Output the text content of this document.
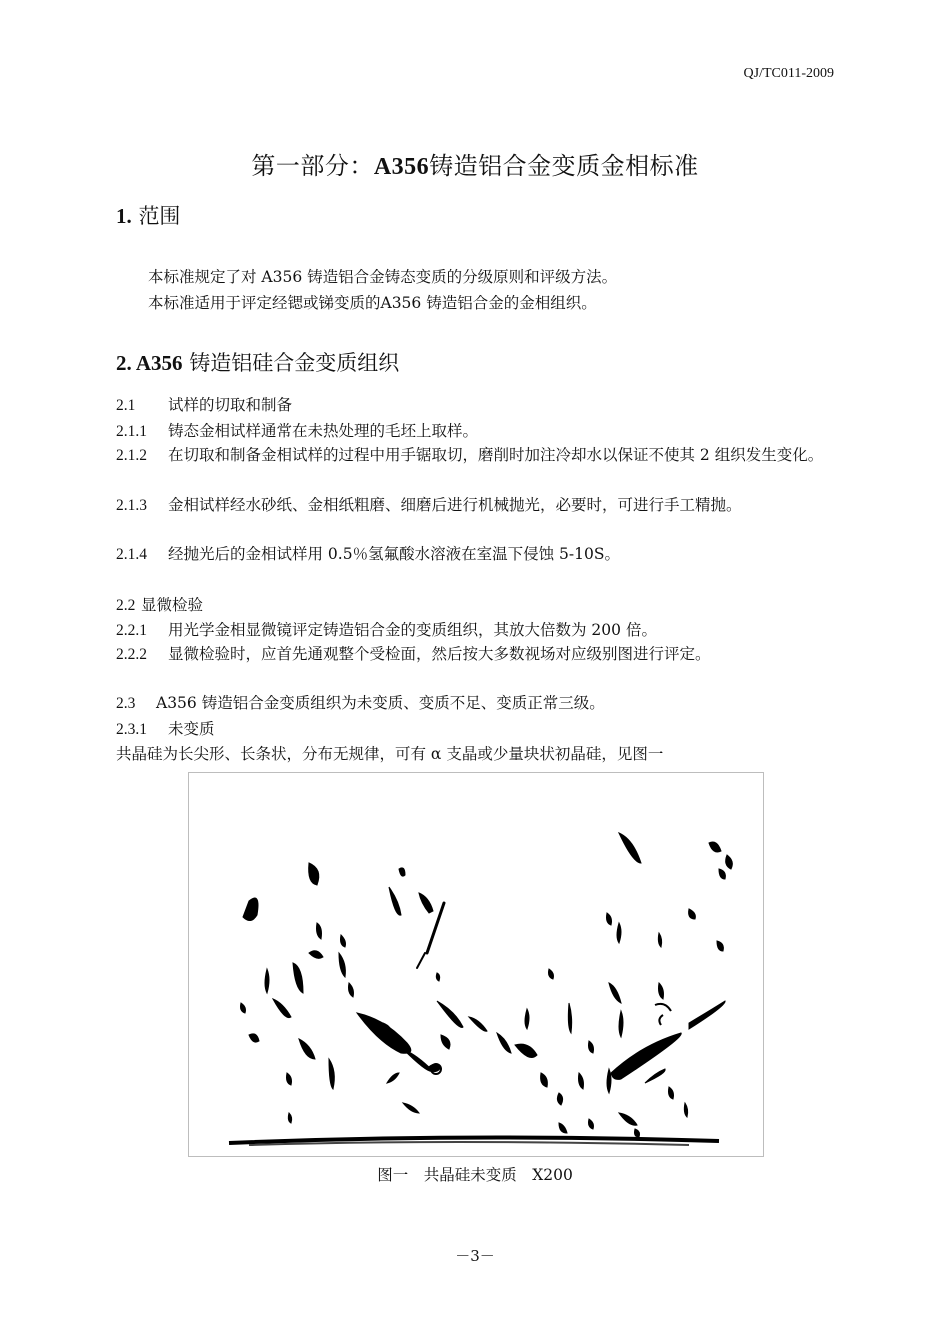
QJ/TC011-2009
第一部分：A356铸造铝合金变质金相标准
1. 范围
本标准规定了对 A356 铸造铝合金铸态变质的分级原则和评级方法。
本标准适用于评定经锶或锑变质的A356 铸造铝合金的金相组织。
2. A356 铸造铝硅合金变质组织
2.1 试样的切取和制备
2.1.1 铸态金相试样通常在未热处理的毛坯上取样。
2.1.2 在切取和制备金相试样的过程中用手锯取切，磨削时加注冷却水以保证不使其 2 组织发生变化。
2.1.3 金相试样经水砂纸、金相纸粗磨、细磨后进行机械抛光，必要时，可进行手工精抛。
2.1.4 经抛光后的金相试样用 0.5％氢氟酸水溶液在室温下侵蚀 5-10S。
2.2 显微检验
2.2.1 用光学金相显微镜评定铸造铝合金的变质组织，其放大倍数为 200 倍。
2.2.2 显微检验时，应首先通观整个受检面，然后按大多数视场对应级别图进行评定。
2.3 A356 铸造铝合金变质组织为未变质、变质不足、变质正常三级。
2.3.1 未变质
共晶硅为长尖形、长条状，分布无规律，可有 α 支晶或少量块状初晶硅，见图一
图一　共晶硅未变质　X200
－3－
